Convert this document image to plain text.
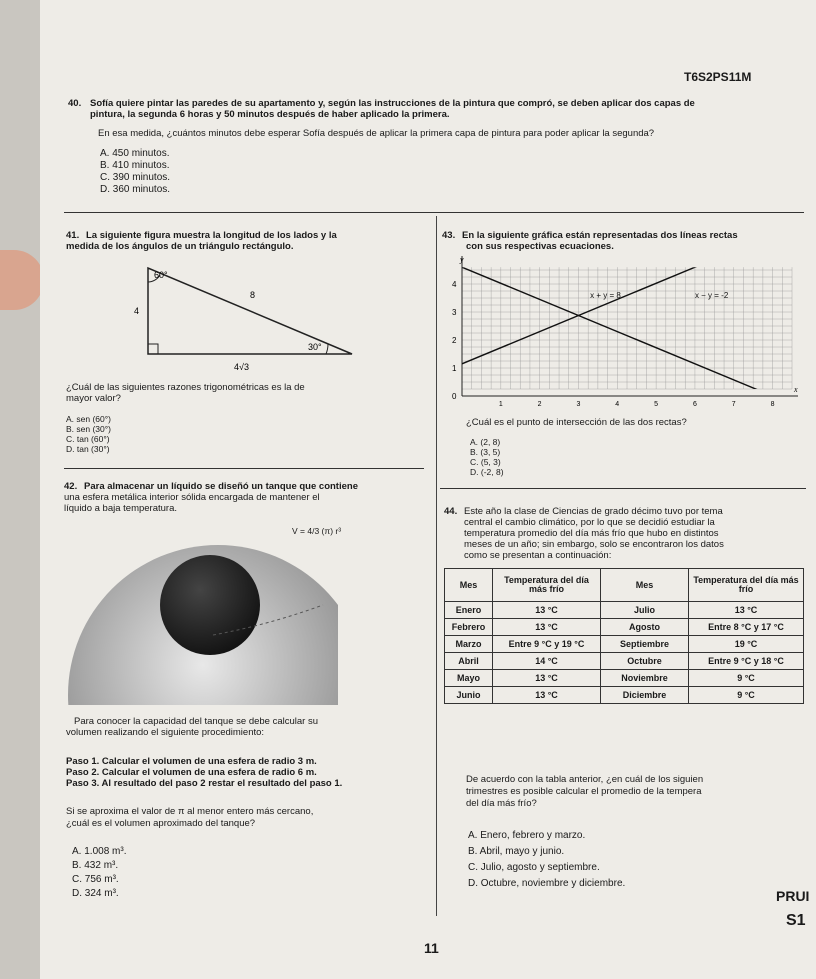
T6S2PS11M
40. Sofía quiere pintar las paredes de su apartamento y, según las instrucciones de la pintura que compró, se deben aplicar dos capas de
pintura, la segunda 6 horas y 50 minutos después de haber aplicado la primera.
En esa medida, ¿cuántos minutos debe esperar Sofía después de aplicar la primera capa de pintura para poder aplicar la segunda?
A. 450 minutos.
B. 410 minutos.
C. 390 minutos.
D. 360 minutos.
41. La siguiente figura muestra la longitud de los lados y la
medida de los ángulos de un triángulo rectángulo.
60°
8
4
30°
4√3
¿Cuál de las siguientes razones trigonométricas es la de
mayor valor?
A. sen (60°)
B. sen (30°)
C. tan (60°)
D. tan (30°)
42. Para almacenar un líquido se diseñó un tanque que contiene
una esfera metálica interior sólida encargada de mantener el
líquido a baja temperatura.
V = 4/3 (π) r³
Para conocer la capacidad del tanque se debe calcular su
volumen realizando el siguiente procedimiento:
Paso 1. Calcular el volumen de una esfera de radio 3 m.
Paso 2. Calcular el volumen de una esfera de radio 6 m.
Paso 3. Al resultado del paso 2 restar el resultado del paso 1.
Si se aproxima el valor de π al menor entero más cercano,
¿cuál es el volumen aproximado del tanque?
A. 1.008 m³.
B. 432 m³.
C. 756 m³.
D. 324 m³.
43. En la siguiente gráfica están representadas dos líneas rectas
con sus respectivas ecuaciones.
x + y = 8	x − y = -2
1	2	3	4	5	6	7	8
1
2
3
4
0
x
y
¿Cuál es el punto de intersección de las dos rectas?
A. (2, 8)
B. (3, 5)
C. (5, 3)
D. (-2, 8)
44. Este año la clase de Ciencias de grado décimo tuvo por tema
central el cambio climático, por lo que se decidió estudiar la
temperatura promedio del día más frío que hubo en distintos
meses de un año; sin embargo, solo se encontraron los datos
como se presentan a continuación:
Mes	Temperatura del día más frío	Mes	Temperatura del día más frío
Enero	13 °C	Julio	13 °C
Febrero	13 °C	Agosto	Entre 8 °C y 17 °C
Marzo	Entre 9 °C y 19 °C	Septiembre	19 °C
Abril	14 °C	Octubre	Entre 9 °C y 18 °C
Mayo	13 °C	Noviembre	9 °C
Junio	13 °C	Diciembre	9 °C
De acuerdo con la tabla anterior, ¿en cuál de los siguien
trimestres es posible calcular el promedio de la tempera
del día más frío?
A. Enero, febrero y marzo.
B. Abril, mayo y junio.
C. Julio, agosto y septiembre.
D. Octubre, noviembre y diciembre.
PRUI
S1
11
